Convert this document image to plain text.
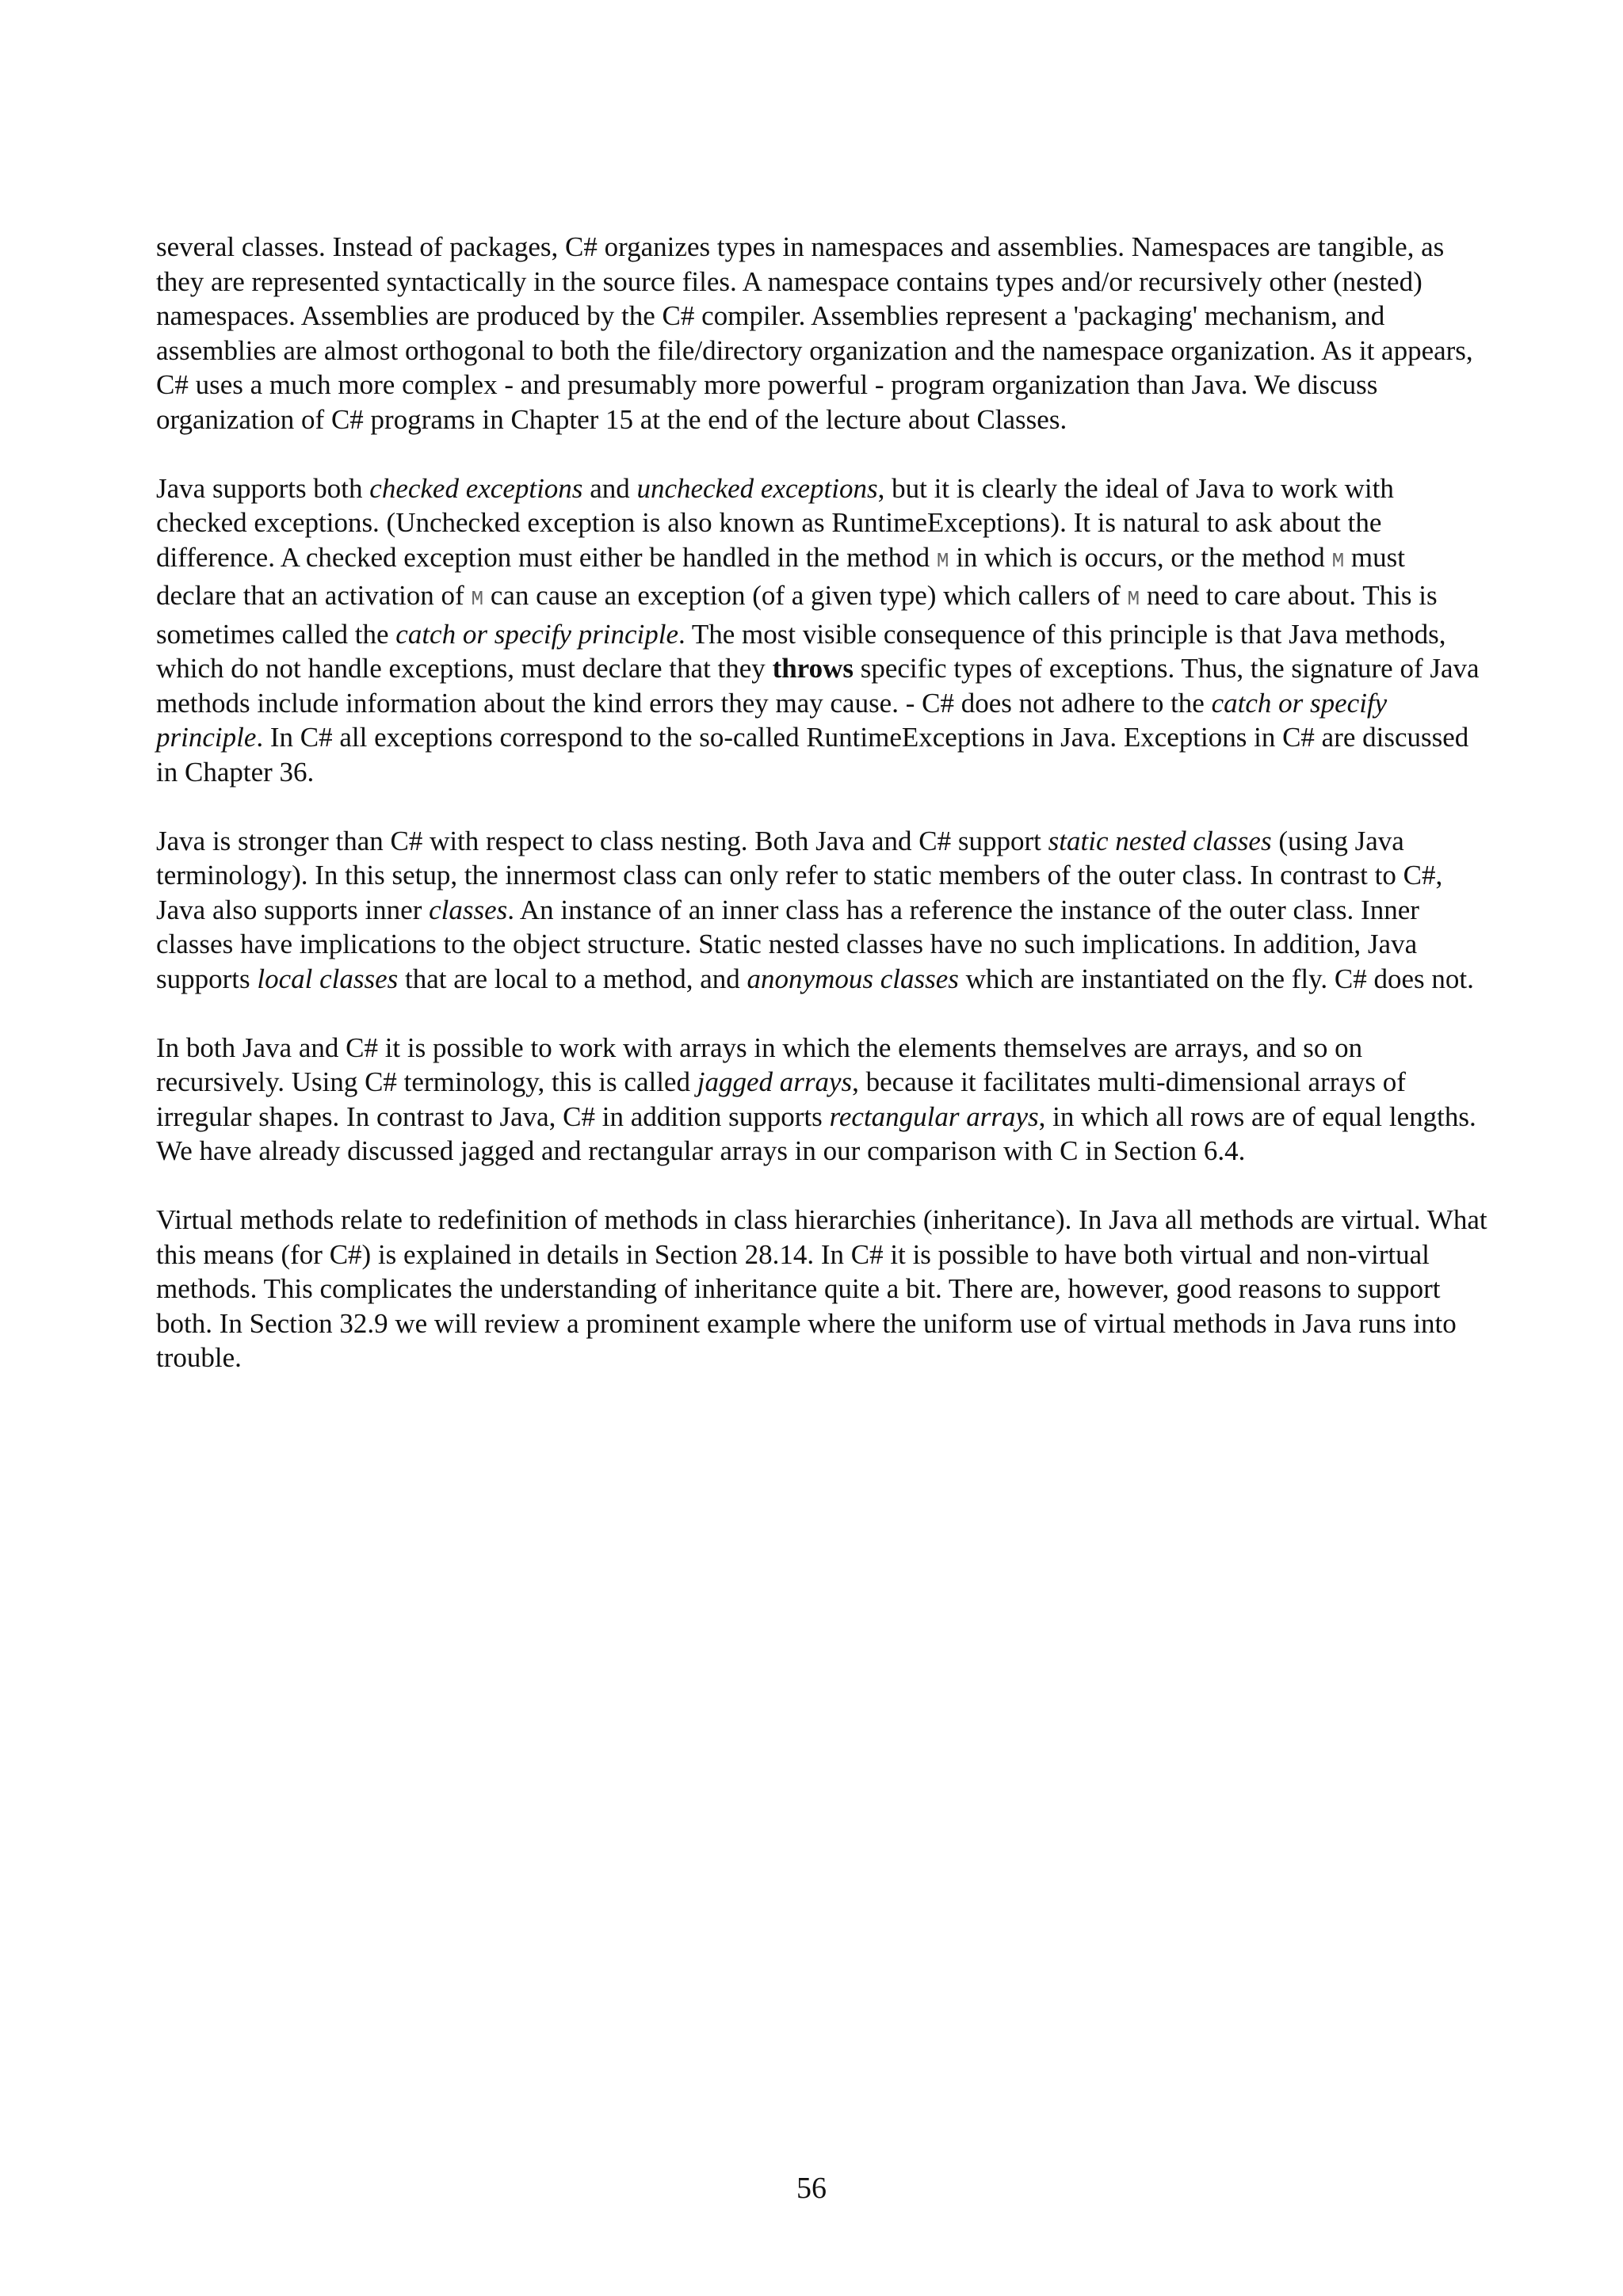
several classes. Instead of packages, C# organizes types in namespaces and assemblies. Namespaces are tangible, as they are represented syntactically in the source files. A namespace contains types and/or recursively other (nested) namespaces. Assemblies are produced by the C# compiler. Assemblies represent a 'packaging' mechanism, and assemblies are almost orthogonal to both the file/directory organization and the namespace organization. As it appears, C# uses a much more complex - and presumably more powerful - program organization than Java. We discuss organization of C# programs in Chapter 15 at the end of the lecture about Classes.

Java supports both checked exceptions and unchecked exceptions, but it is clearly the ideal of Java to work with checked exceptions. (Unchecked exception is also known as RuntimeExceptions). It is natural to ask about the difference. A checked exception must either be handled in the method M in which is occurs, or the method M must declare that an activation of M can cause an exception (of a given type) which callers of M need to care about. This is sometimes called the catch or specify principle. The most visible consequence of this principle is that Java methods, which do not handle exceptions, must declare that they throws specific types of exceptions. Thus, the signature of Java methods include information about the kind errors they may cause. - C# does not adhere to the catch or specify principle. In C# all exceptions correspond to the so-called RuntimeExceptions in Java. Exceptions in C# are discussed in Chapter 36.

Java is stronger than C# with respect to class nesting. Both Java and C# support static nested classes (using Java terminology). In this setup, the innermost class can only refer to static members of the outer class. In contrast to C#, Java also supports inner classes. An instance of an inner class has a reference the instance of the outer class. Inner classes have implications to the object structure. Static nested classes have no such implications. In addition, Java supports local classes that are local to a method, and anonymous classes which are instantiated on the fly. C# does not.

In both Java and C# it is possible to work with arrays in which the elements themselves are arrays, and so on recursively. Using C# terminology, this is called jagged arrays, because it facilitates multi-dimensional arrays of irregular shapes. In contrast to Java, C# in addition supports rectangular arrays, in which all rows are of equal lengths. We have already discussed jagged and rectangular arrays in our comparison with C in Section 6.4.

Virtual methods relate to redefinition of methods in class hierarchies (inheritance). In Java all methods are virtual. What this means (for C#) is explained in details in Section 28.14. In C# it is possible to have both virtual and non-virtual methods. This complicates the understanding of inheritance quite a bit. There are, however, good reasons to support both. In Section 32.9 we will review a prominent example where the uniform use of virtual methods in Java runs into trouble.

56
